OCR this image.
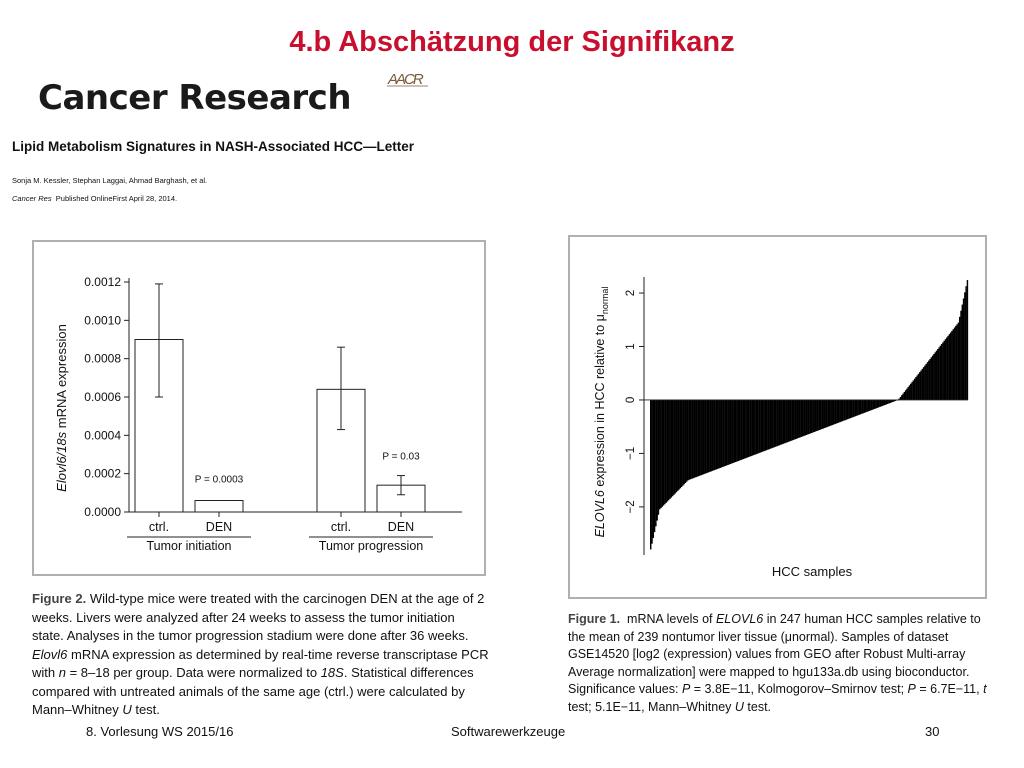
4.b Abschätzung der Signifikanz
Cancer Research AACR
Lipid Metabolism Signatures in NASH-Associated HCC—Letter
Sonja M. Kessler, Stephan Laggai, Ahmad Barghash, et al.
Cancer Res Published OnlineFirst April 28, 2014.
Elovl6/18s mRNA expression
0.0000
0.0002
0.0004
0.0006
0.0008
0.0010
0.0012
ctrl.	DEN	ctrl.	DEN
P = 0.0003
P = 0.03
Tumor initiation	Tumor progression
ELOVL6 expression in HCC relative to $\mu_{normal}$
HCC samples
−2
−1
0
1
2
Figure 2. Wild-type mice were treated with the carcinogen DEN at the age of 2 weeks. Livers were analyzed after 24 weeks to assess the tumor initiation state. Analyses in the tumor progression stadium were done after 36 weeks. Elovl6 mRNA expression as determined by real-time reverse transcriptase PCR with n = 8–18 per group. Data were normalized to 18S. Statistical differences compared with untreated animals of the same age (ctrl.) were calculated by Mann–Whitney U test.
Figure 1. mRNA levels of ELOVL6 in 247 human HCC samples relative to the mean of 239 nontumor liver tissue (μnormal). Samples of dataset GSE14520 [log2 (expression) values from GEO after Robust Multi-array Average normalization] were mapped to hgu133a.db using bioconductor. Significance values: P = 3.8E−11, Kolmogorov–Smirnov test; P = 6.7E−11, t test; 5.1E−11, Mann–Whitney U test.
8. Vorlesung WS 2015/16	Softwarewerkzeuge	30
